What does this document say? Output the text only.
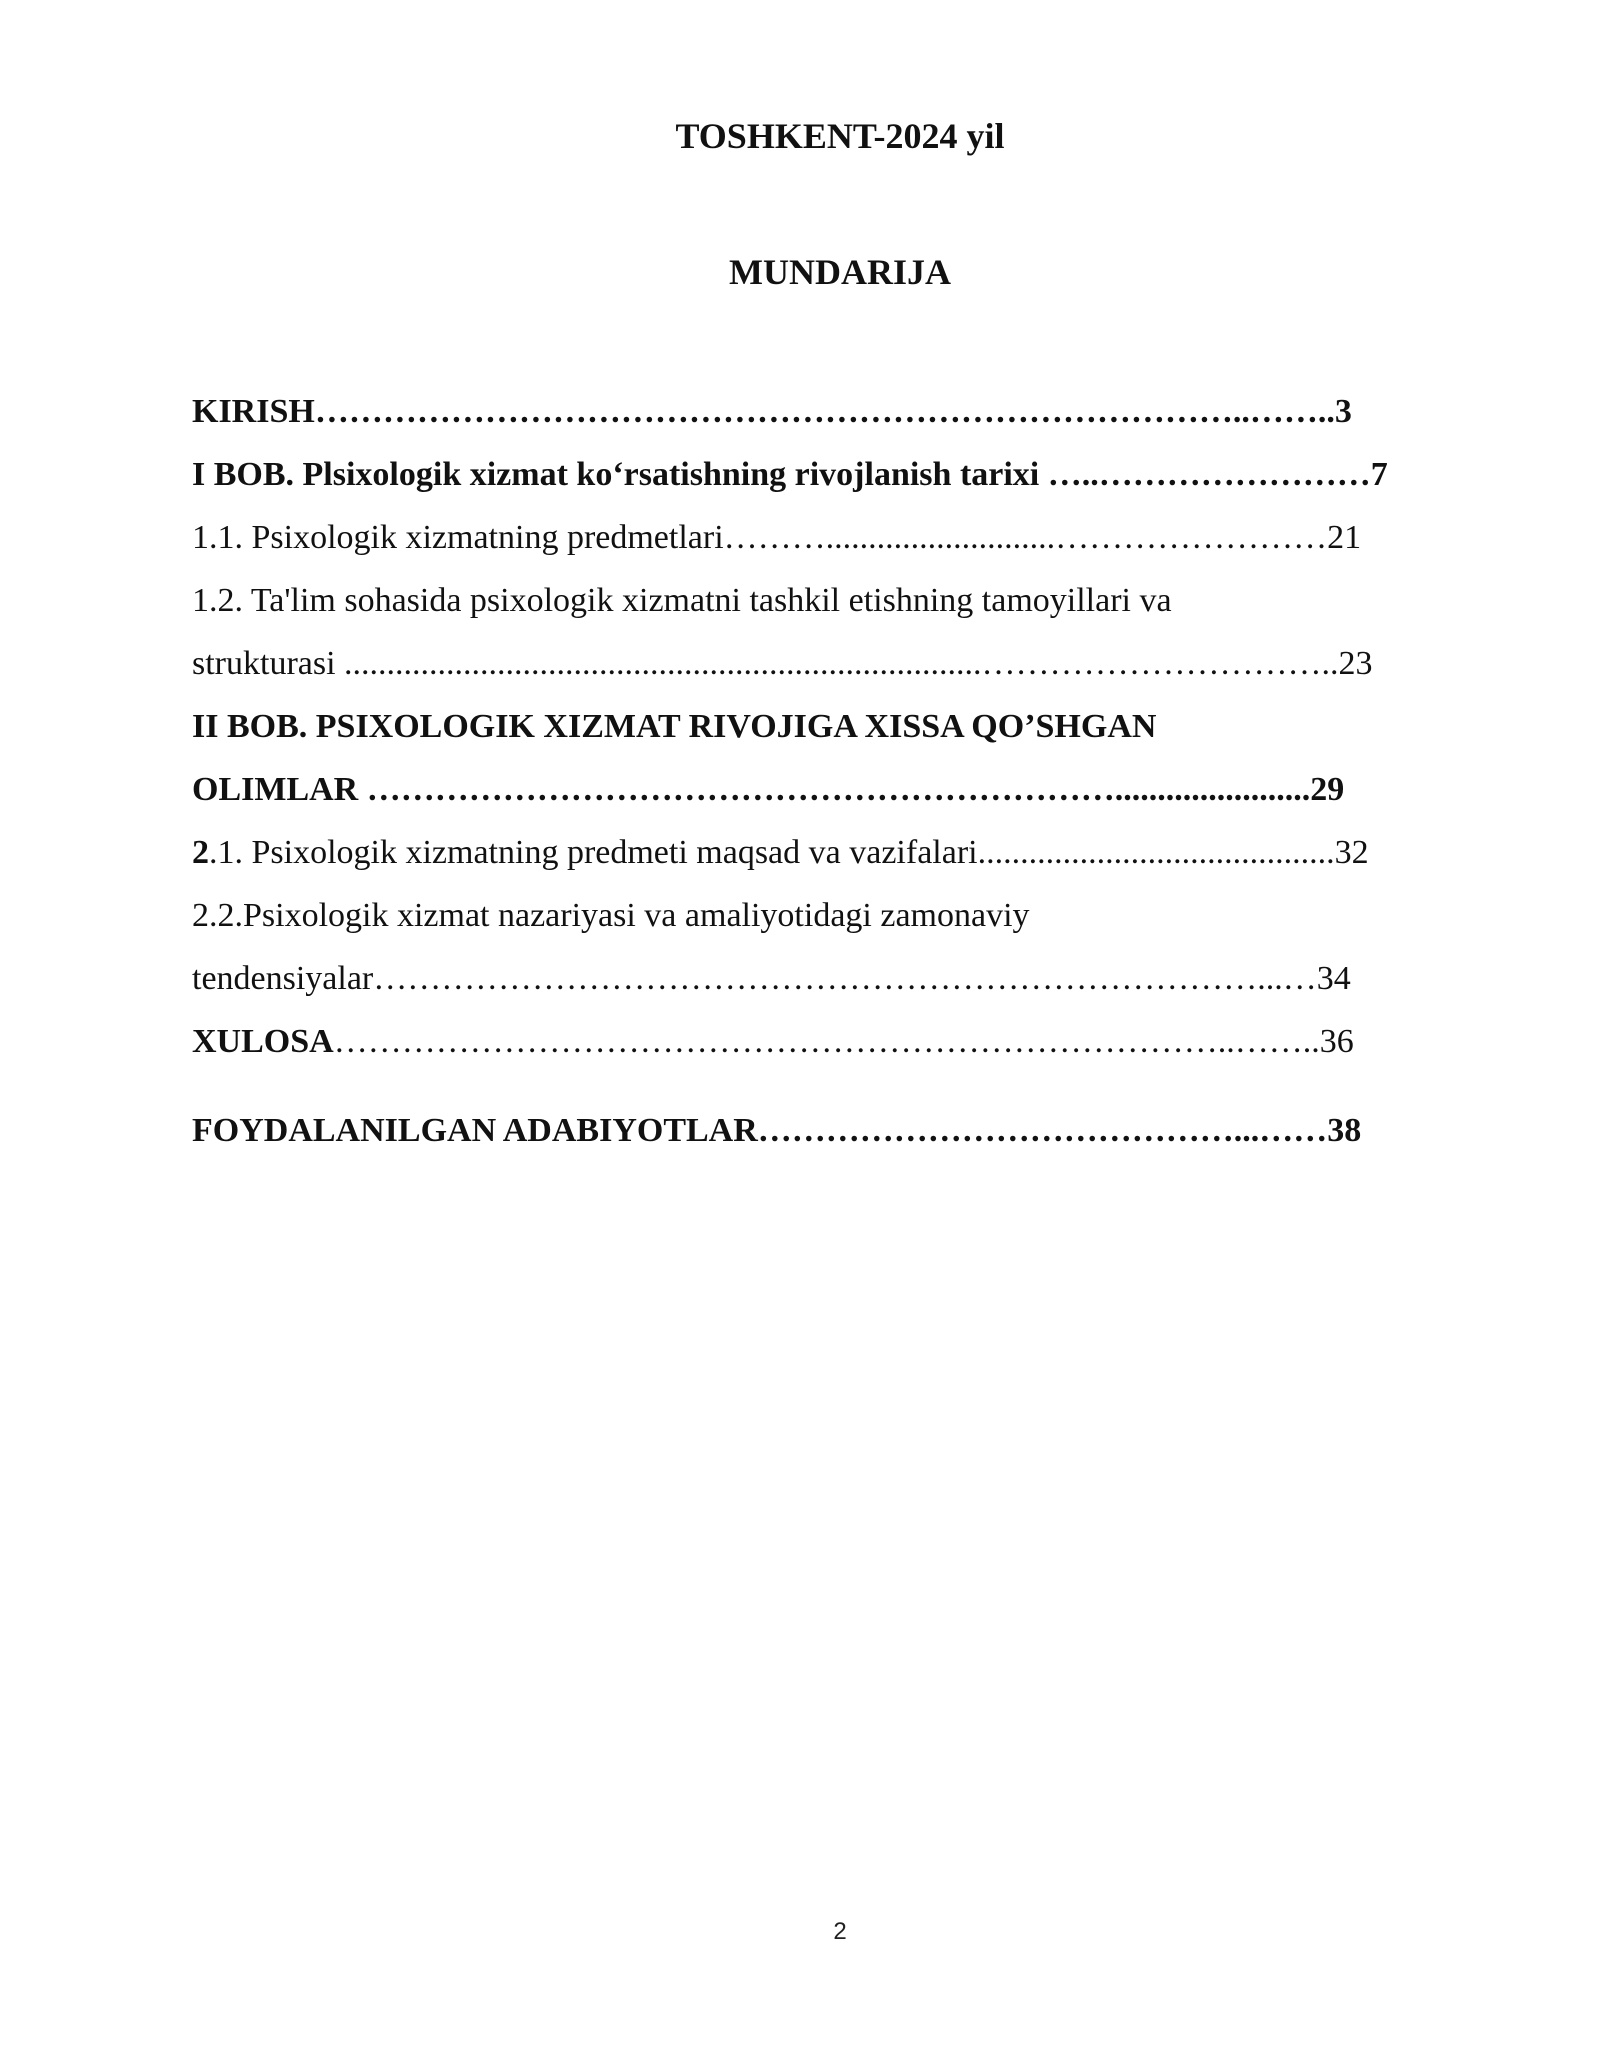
TOSHKENT-2024 yil
MUNDARIJA
KIRISH………………………………………………………………………..……..3
I BOB. Plsixologik xizmat ko‘rsatishning rivojlanish tarixi …..……………………7
1.1. Psixologik xizmatning predmetlari………...........................……………………21
1.2. Ta'lim sohasida psixologik xizmatni tashkil etishning tamoyillari va
strukturasi ...........................................................................…………………………..23
II BOB. PSIXOLOGIK XIZMAT RIVOJIGA XISSA QO’SHGAN
OLIMLAR ………………………………………………………….......................29
2.1. Psixologik xizmatning predmeti maqsad va vazifalari..........................................32
2.2.Psixologik xizmat nazariyasi va amaliyotidagi zamonaviy
tendensiyalar……………………………………………………………………...…34
XULOSA……………………………………………………………………..……..36
FOYDALANILGAN ADABIYOTLAR……………………………………...……38
2
